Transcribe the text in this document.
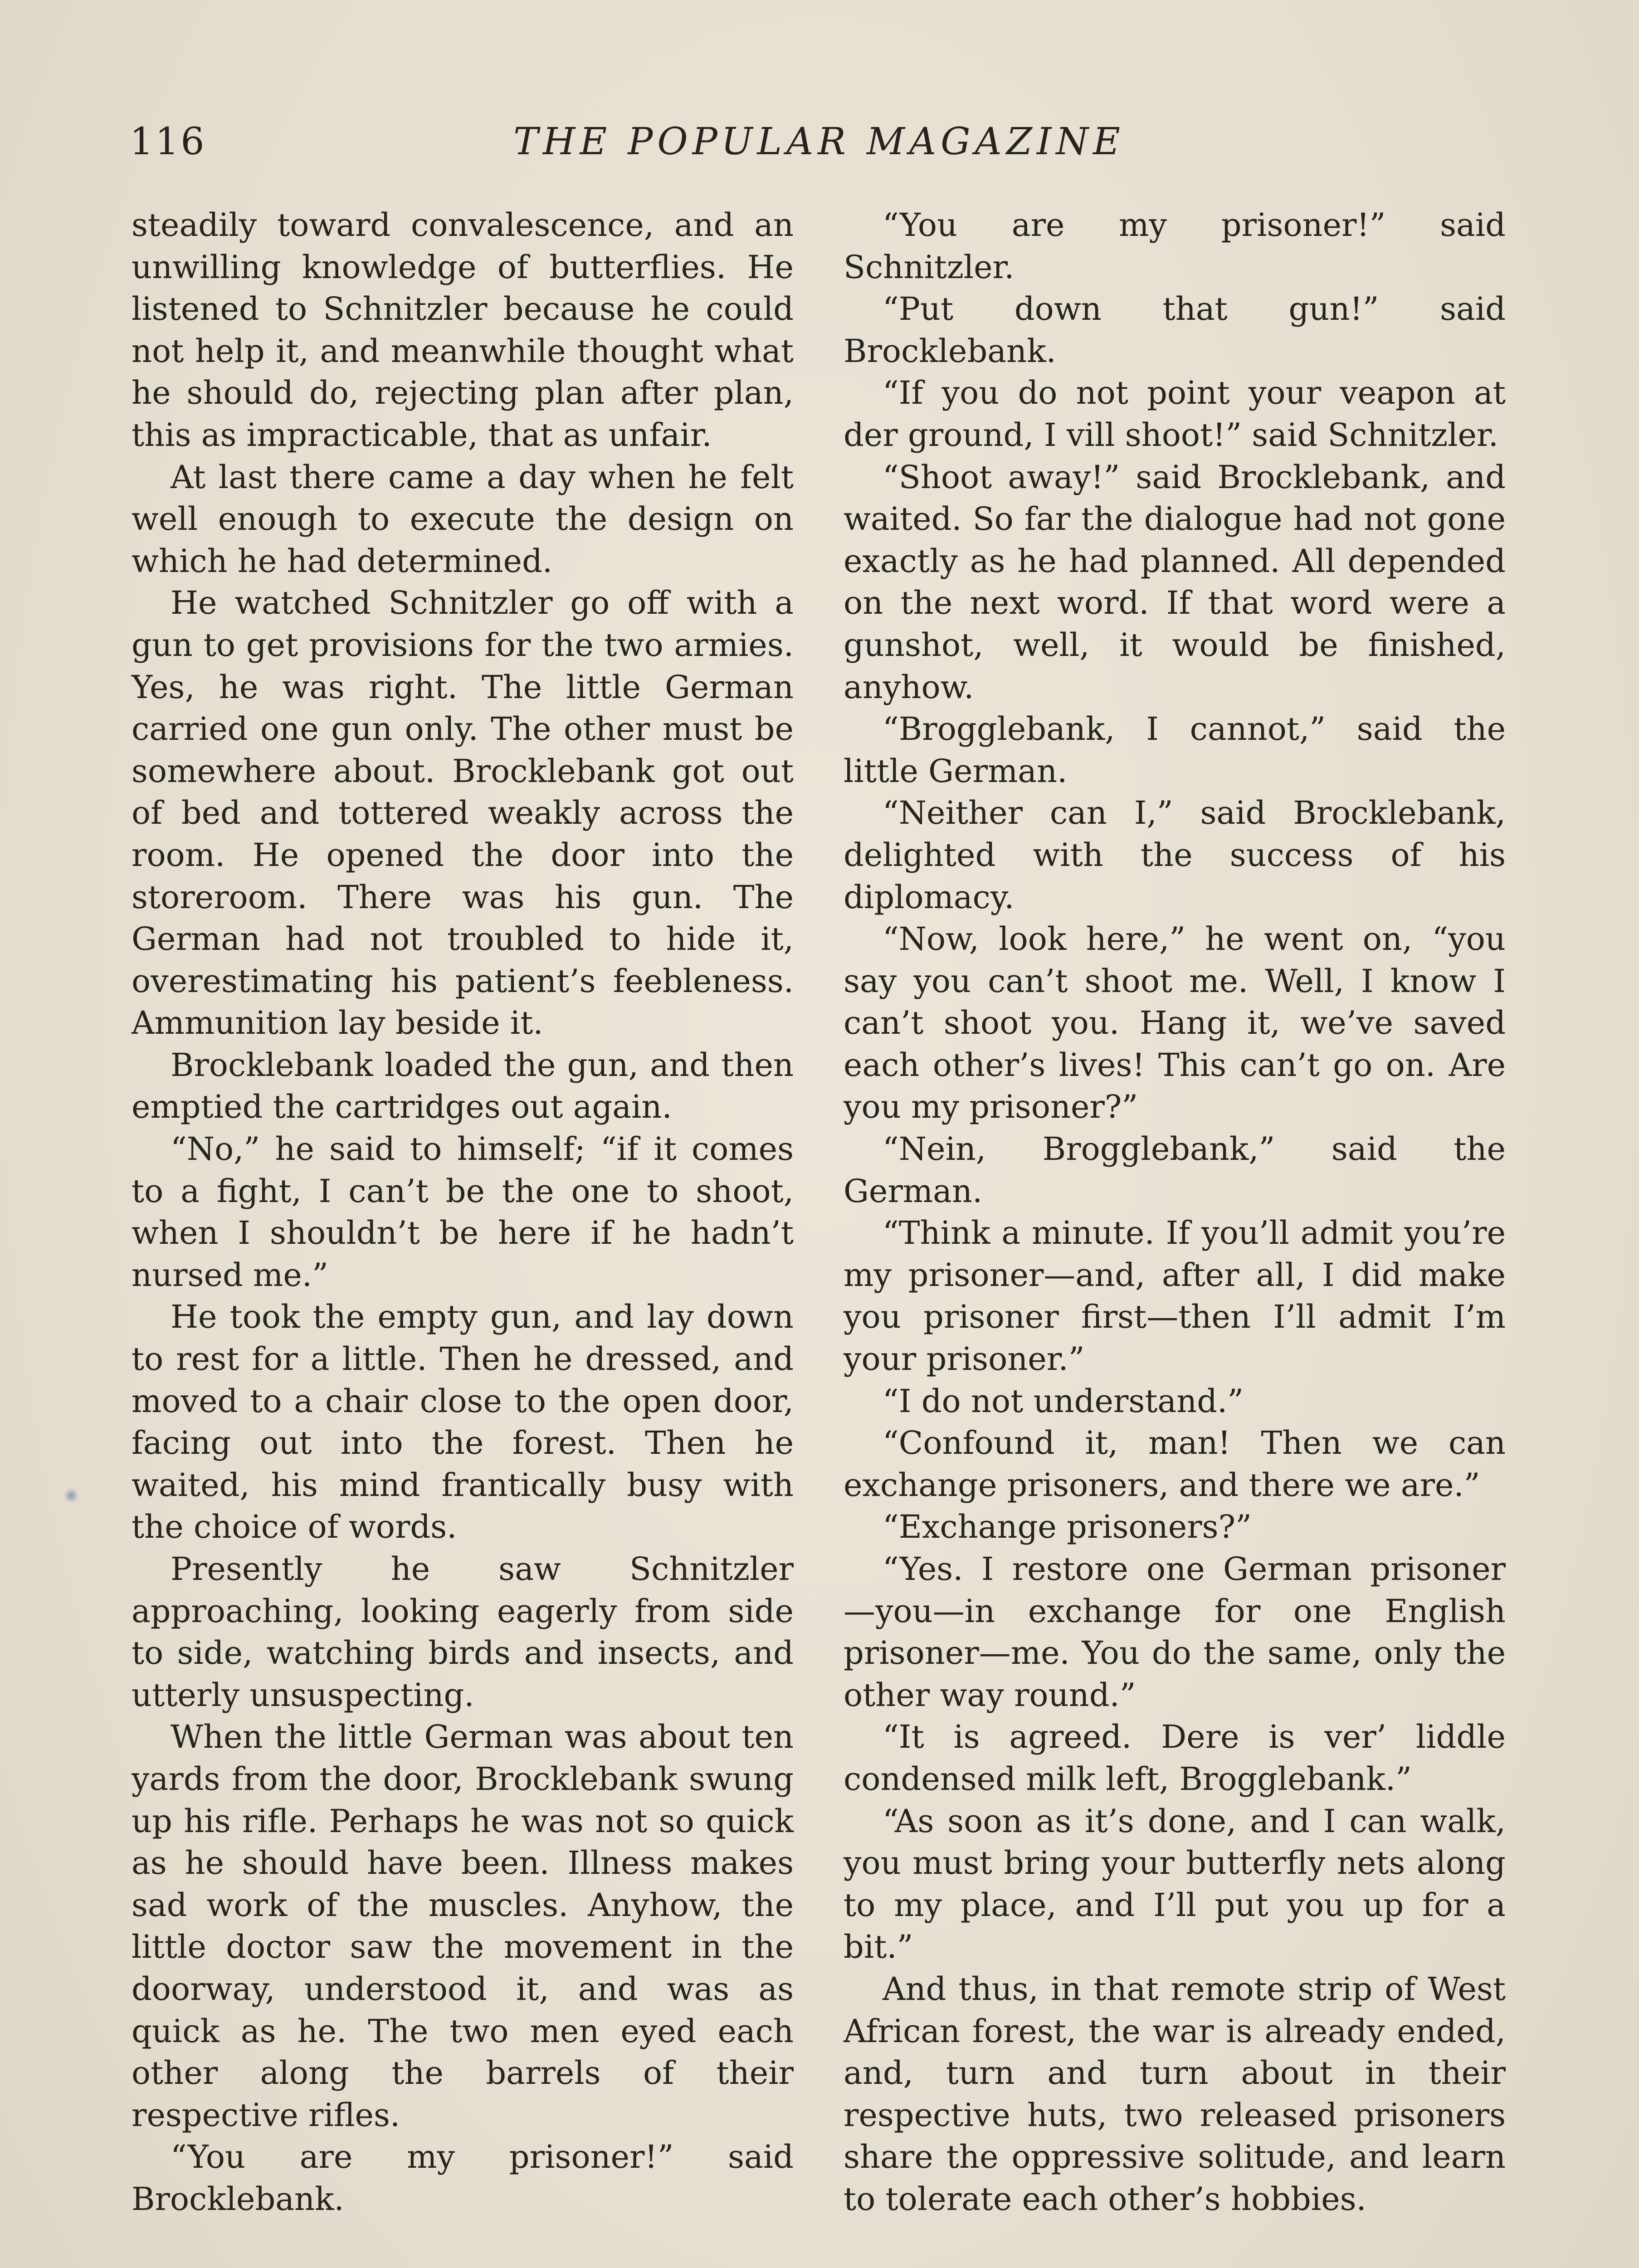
116	THE POPULAR MAGAZINE

steadily toward convalescence, and an unwilling knowledge of butterflies. He listened to Schnitzler because he could not help it, and meanwhile thought what he should do, rejecting plan after plan, this as impracticable, that as unfair.

At last there came a day when he felt well enough to execute the design on which he had determined.

He watched Schnitzler go off with a gun to get provisions for the two armies. Yes, he was right. The little German carried one gun only. The other must be somewhere about. Brocklebank got out of bed and tottered weakly across the room. He opened the door into the storeroom. There was his gun. The German had not troubled to hide it, overestimating his patient’s feebleness. Ammunition lay beside it.

Brocklebank loaded the gun, and then emptied the cartridges out again.

“No,” he said to himself; “if it comes to a fight, I can’t be the one to shoot, when I shouldn’t be here if he hadn’t nursed me.”

He took the empty gun, and lay down to rest for a little. Then he dressed, and moved to a chair close to the open door, facing out into the forest. Then he waited, his mind frantically busy with the choice of words.

Presently he saw Schnitzler approaching, looking eagerly from side to side, watching birds and insects, and utterly unsuspecting.

When the little German was about ten yards from the door, Brocklebank swung up his rifle. Perhaps he was not so quick as he should have been. Illness makes sad work of the muscles. Anyhow, the little doctor saw the movement in the doorway, understood it, and was as quick as he. The two men eyed each other along the barrels of their respective rifles.

“You are my prisoner!” said Brocklebank.

“You are my prisoner!” said Schnitzler.

“Put down that gun!” said Brocklebank.

“If you do not point your veapon at der ground, I vill shoot!” said Schnitzler.

“Shoot away!” said Brocklebank, and waited. So far the dialogue had not gone exactly as he had planned. All depended on the next word. If that word were a gunshot, well, it would be finished, anyhow.

“Brogglebank, I cannot,” said the little German.

“Neither can I,” said Brocklebank, delighted with the success of his diplomacy.

“Now, look here,” he went on, “you say you can’t shoot me. Well, I know I can’t shoot you. Hang it, we’ve saved each other’s lives! This can’t go on. Are you my prisoner?”

“Nein, Brogglebank,” said the German.

“Think a minute. If you’ll admit you’re my prisoner—and, after all, I did make you prisoner first—then I’ll admit I’m your prisoner.”

“I do not understand.”

“Confound it, man! Then we can exchange prisoners, and there we are.”

“Exchange prisoners?”

“Yes. I restore one German prisoner —you—in exchange for one English prisoner—me. You do the same, only the other way round.”

“It is agreed. Dere is ver’ liddle condensed milk left, Brogglebank.”

“As soon as it’s done, and I can walk, you must bring your butterfly nets along to my place, and I’ll put you up for a bit.”

And thus, in that remote strip of West African forest, the war is already ended, and, turn and turn about in their respective huts, two released prisoners share the oppressive solitude, and learn to tolerate each other’s hobbies.
